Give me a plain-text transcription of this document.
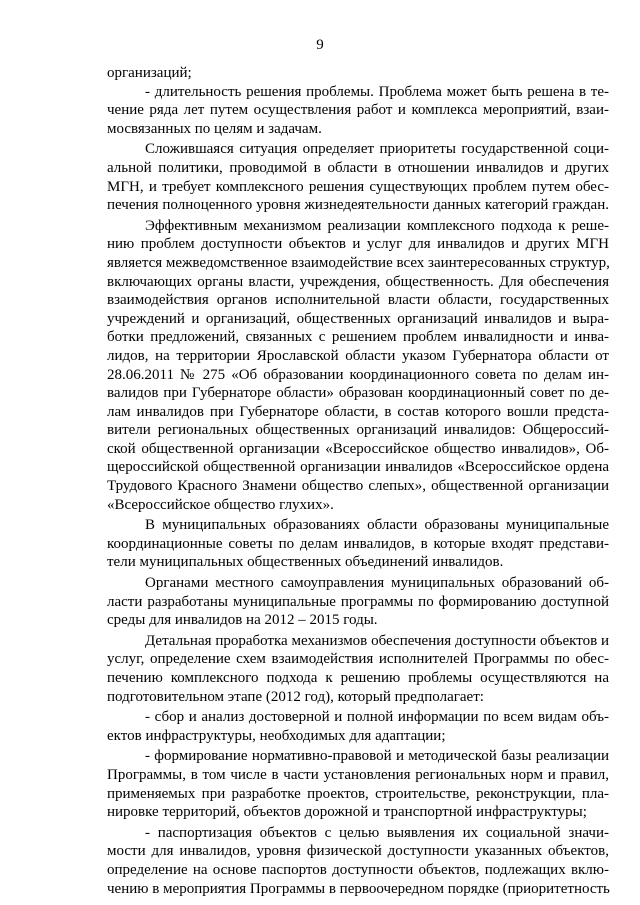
9
организаций;
- длительность решения проблемы. Проблема может быть решена в те-
чение ряда лет путем осуществления работ и комплекса мероприятий, взаи-
мосвязанных по целям и задачам.
Сложившаяся ситуация определяет приоритеты государственной соци-
альной политики, проводимой в области в отношении инвалидов и других
МГН, и требует комплексного решения существующих проблем путем обес-
печения полноценного уровня жизнедеятельности данных категорий граждан.
Эффективным механизмом реализации комплексного подхода к реше-
нию проблем доступности объектов и услуг для инвалидов и других МГН
является межведомственное взаимодействие всех заинтересованных структур,
включающих органы власти, учреждения, общественность. Для обеспечения
взаимодействия органов исполнительной власти области, государственных
учреждений и организаций, общественных организаций инвалидов и выра-
ботки предложений, связанных с решением проблем инвалидности и инва-
лидов, на территории Ярославской области указом Губернатора области от
28.06.2011 № 275 «Об образовании координационного совета по делам ин-
валидов при Губернаторе области» образован координационный совет по де-
лам инвалидов при Губернаторе области, в состав которого вошли предста-
вители региональных общественных организаций инвалидов: Общероссий-
ской общественной организации «Всероссийское общество инвалидов», Об-
щероссийской общественной организации инвалидов «Всероссийское ордена
Трудового Красного Знамени общество слепых», общественной организации
«Всероссийское общество глухих».
В муниципальных образованиях области образованы муниципальные
координационные советы по делам инвалидов, в которые входят представи-
тели муниципальных общественных объединений инвалидов.
Органами местного самоуправления муниципальных образований об-
ласти разработаны муниципальные программы по формированию доступной
среды для инвалидов на 2012 – 2015 годы.
Детальная проработка механизмов обеспечения доступности объектов и
услуг, определение схем взаимодействия исполнителей Программы по обес-
печению комплексного подхода к решению проблемы осуществляются на
подготовительном этапе (2012 год), который предполагает:
- сбор и анализ достоверной и полной информации по всем видам объ-
ектов инфраструктуры, необходимых для адаптации;
- формирование нормативно-правовой и методической базы реализации
Программы, в том числе в части установления региональных норм и правил,
применяемых при разработке проектов, строительстве, реконструкции, пла-
нировке территорий, объектов дорожной и транспортной инфраструктуры;
- паспортизация объектов с целью выявления их социальной значи-
мости для инвалидов, уровня физической доступности указанных объектов,
определение на основе паспортов доступности объектов, подлежащих вклю-
чению в мероприятия Программы в первоочередном порядке (приоритетность
